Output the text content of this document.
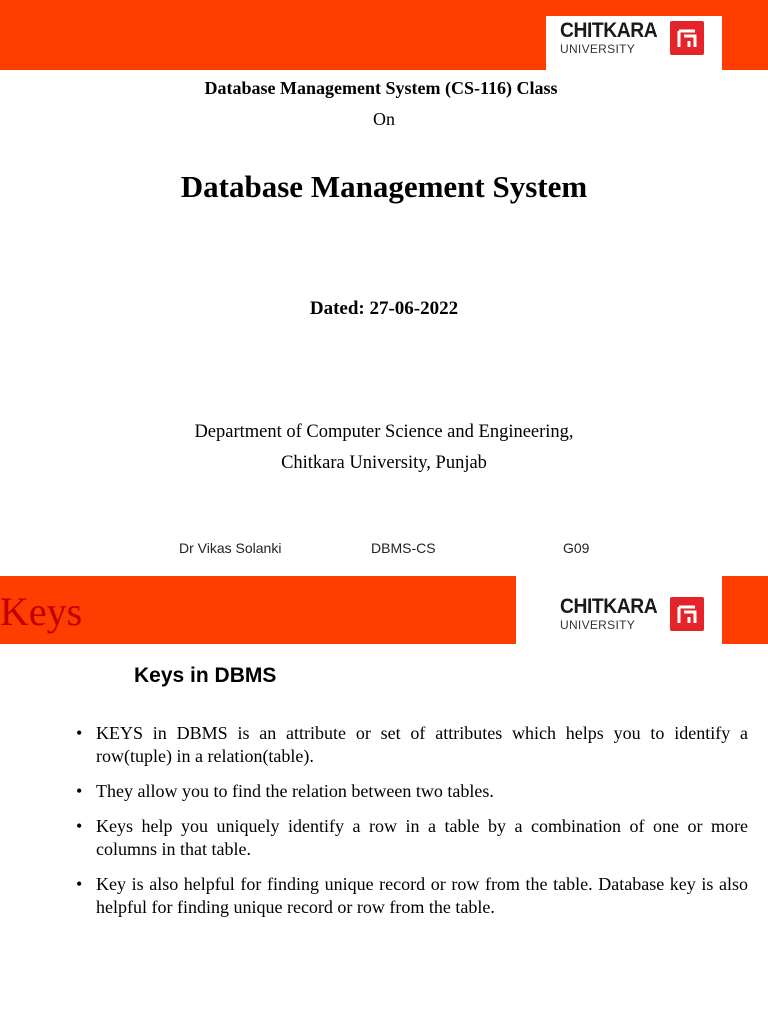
CHITKARA
UNIVERSITY
Database Management System (CS-116) Class
On
Database Management System
Dated: 27-06-2022
Department of Computer Science and Engineering,
Chitkara University, Punjab
Dr Vikas Solanki	DBMS-CS	G09
CHITKARA
UNIVERSITY
Keys
Keys in DBMS
• KEYS in DBMS is an attribute or set of attributes which helps you to identify a row(tuple) in a relation(table).
• They allow you to find the relation between two tables.
• Keys help you uniquely identify a row in a table by a combination of one or more columns in that table.
• Key is also helpful for finding unique record or row from the table. Database key is also helpful for finding unique record or row from the table.
